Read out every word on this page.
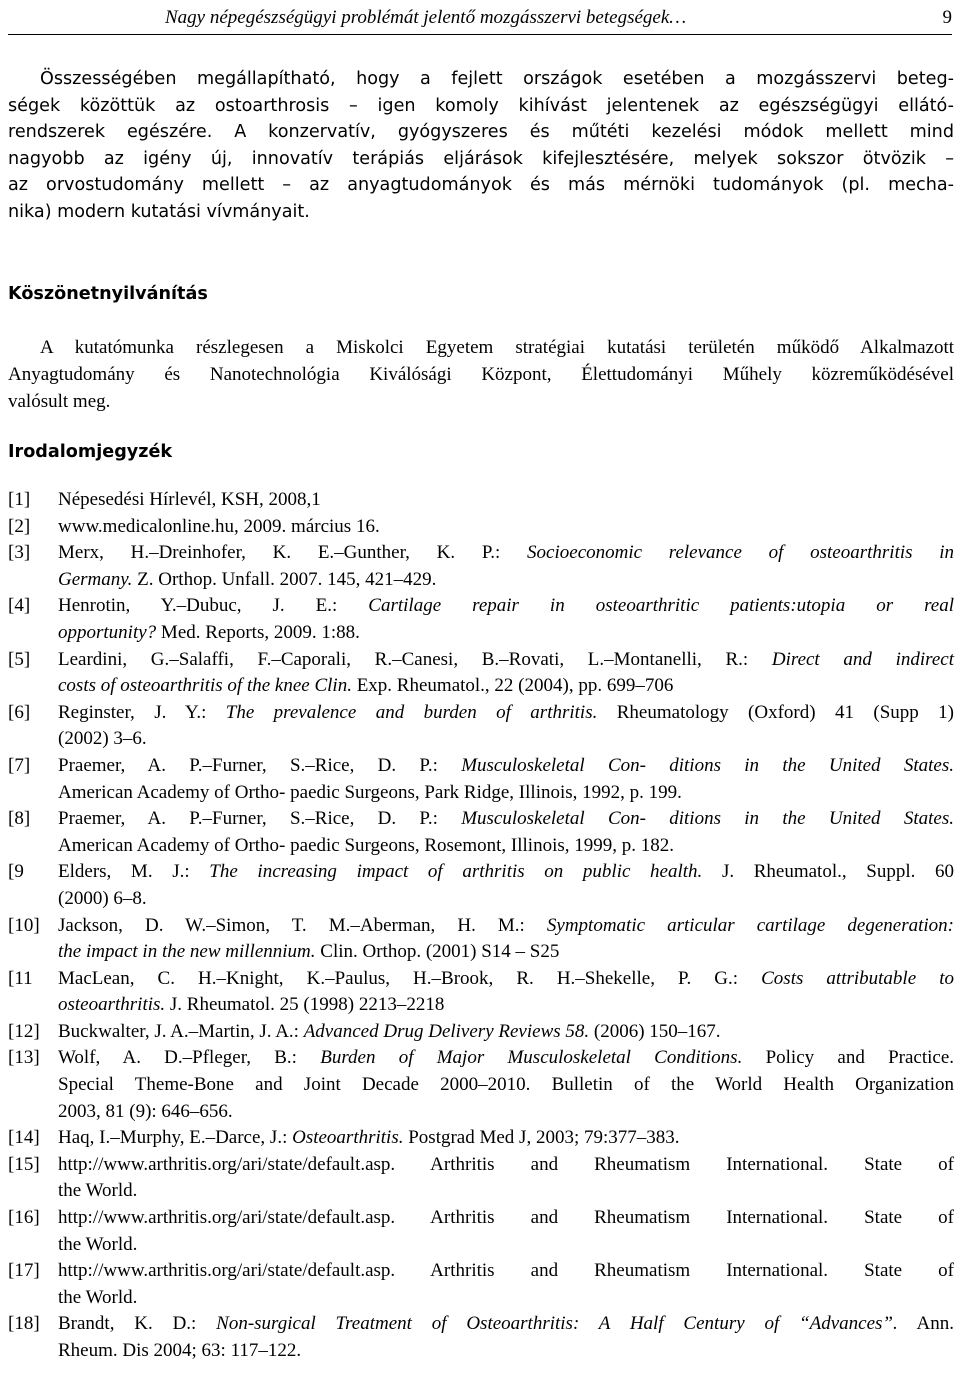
Nagy népegészségügyi problémát jelentő mozgásszervi betegségek…	9
Összességében megállapítható, hogy a fejlett országok esetében a mozgásszervi beteg-
ségek közöttük az ostoarthrosis – igen komoly kihívást jelentenek az egészségügyi ellátó-
rendszerek egészére. A konzervatív, gyógyszeres és műtéti kezelési módok mellett mind
nagyobb az igény új, innovatív terápiás eljárások kifejlesztésére, melyek sokszor ötvözik –
az orvostudomány mellett – az anyagtudományok és más mérnöki tudományok (pl. mecha-
nika) modern kutatási vívmányait.
Köszönetnyilvánítás
A kutatómunka részlegesen a Miskolci Egyetem stratégiai kutatási területén működő Alkalmazott
Anyagtudomány és Nanotechnológia Kiválósági Központ, Élettudományi Műhely közreműködésével
valósult meg.
Irodalomjegyzék
[1] Népesedési Hírlevél, KSH, 2008,1
[2] www.medicalonline.hu, 2009. március 16.
[3] Merx, H.–Dreinhofer, K. E.–Gunther, K. P.: Socioeconomic relevance of osteoarthritis in
Germany. Z. Orthop. Unfall. 2007. 145, 421–429.
[4] Henrotin, Y.–Dubuc, J. E.: Cartilage repair in osteoarthritic patients:utopia or real
opportunity? Med. Reports, 2009. 1:88.
[5] Leardini, G.–Salaffi, F.–Caporali, R.–Canesi, B.–Rovati, L.–Montanelli, R.: Direct and indirect
costs of osteoarthritis of the knee Clin. Exp. Rheumatol., 22 (2004), pp. 699–706
[6] Reginster, J. Y.: The prevalence and burden of arthritis. Rheumatology (Oxford) 41 (Supp 1)
(2002) 3–6.
[7] Praemer, A. P.–Furner, S.–Rice, D. P.: Musculoskeletal Con- ditions in the United States.
American Academy of Ortho- paedic Surgeons, Park Ridge, Illinois, 1992, p. 199.
[8] Praemer, A. P.–Furner, S.–Rice, D. P.: Musculoskeletal Con- ditions in the United States.
American Academy of Ortho- paedic Surgeons, Rosemont, Illinois, 1999, p. 182.
[9 Elders, M. J.: The increasing impact of arthritis on public health. J. Rheumatol., Suppl. 60
(2000) 6–8.
[10] Jackson, D. W.–Simon, T. M.–Aberman, H. M.: Symptomatic articular cartilage degeneration:
the impact in the new millennium. Clin. Orthop. (2001) S14 – S25
[11 MacLean, C. H.–Knight, K.–Paulus, H.–Brook, R. H.–Shekelle, P. G.: Costs attributable to
osteoarthritis. J. Rheumatol. 25 (1998) 2213–2218
[12] Buckwalter, J. A.–Martin, J. A.: Advanced Drug Delivery Reviews 58. (2006) 150–167.
[13] Wolf, A. D.–Pfleger, B.: Burden of Major Musculoskeletal Conditions. Policy and Practice.
Special Theme-Bone and Joint Decade 2000–2010. Bulletin of the World Health Organization
2003, 81 (9): 646–656.
[14] Haq, I.–Murphy, E.–Darce, J.: Osteoarthritis. Postgrad Med J, 2003; 79:377–383.
[15] http://www.arthritis.org/ari/state/default.asp. Arthritis and Rheumatism International. State of
the World.
[16] http://www.arthritis.org/ari/state/default.asp. Arthritis and Rheumatism International. State of
the World.
[17] http://www.arthritis.org/ari/state/default.asp. Arthritis and Rheumatism International. State of
the World.
[18] Brandt, K. D.: Non-surgical Treatment of Osteoarthritis: A Half Century of “Advances”. Ann.
Rheum. Dis 2004; 63: 117–122.
